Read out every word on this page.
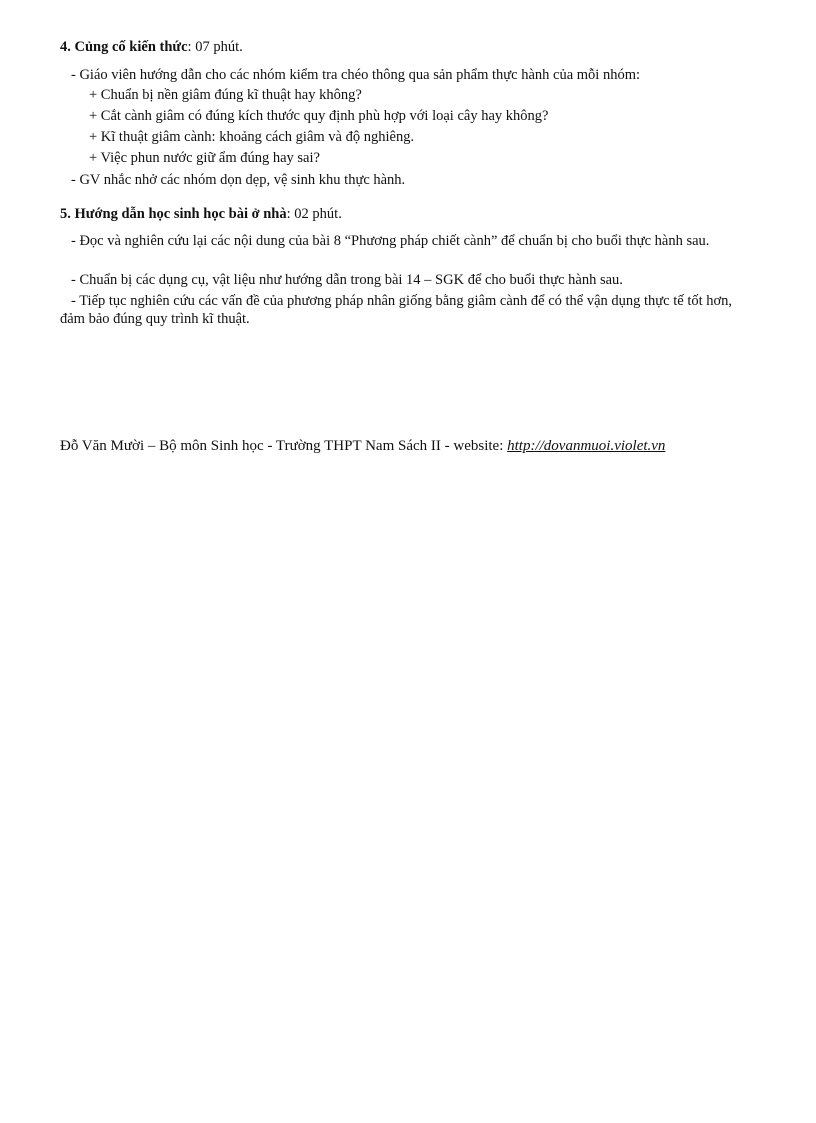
4. Củng cố kiến thức: 07 phút.

- Giáo viên hướng dẫn cho các nhóm kiểm tra chéo thông qua sản phẩm thực hành của mỗi nhóm:

+ Chuẩn bị nền giâm đúng kĩ thuật hay không?

+ Cắt cành giâm có đúng kích thước quy định phù hợp với loại cây hay không?

+ Kĩ thuật giâm cành: khoảng cách giâm và độ nghiêng.

+ Việc phun nước giữ ẩm đúng hay sai?

- GV nhắc nhở các nhóm dọn dẹp, vệ sinh khu thực hành.

5. Hướng dẫn học sinh học bài ở nhà: 02 phút.

- Đọc và nghiên cứu lại các nội dung của bài 8 “Phương pháp chiết cành” để chuẩn bị cho buổi thực hành sau.

- Chuẩn bị các dụng cụ, vật liệu như hướng dẫn trong bài 14 – SGK để cho buổi thực hành sau.

- Tiếp tục nghiên cứu các vấn đề của phương pháp nhân giống bằng giâm cành để có thể vận dụng thực tế tốt hơn, đảm bảo đúng quy trình kĩ thuật.

Đỗ Văn Mười – Bộ môn Sinh học - Trường THPT Nam Sách II - website: http://dovanmuoi.violet.vn
